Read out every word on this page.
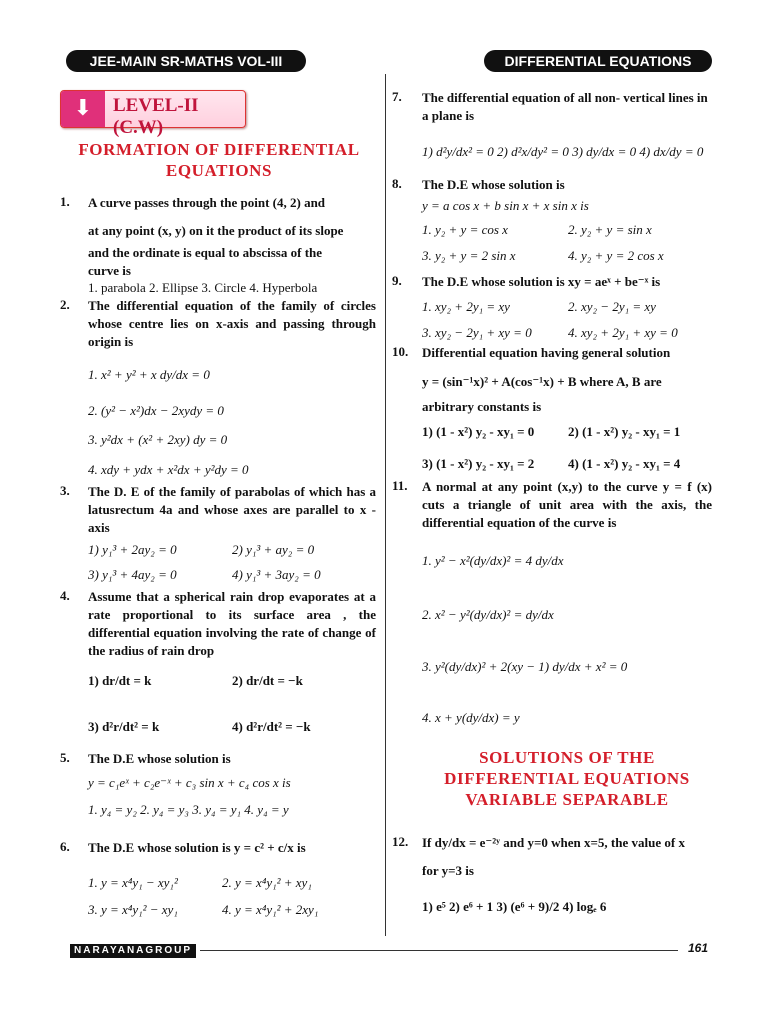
JEE-MAIN SR-MATHS VOL-III	DIFFERENTIAL EQUATIONS
⬇	LEVEL-II (C.W)
FORMATION OF DIFFERENTIAL
EQUATIONS
1. A curve passes through the point (4, 2) and
at any point (x, y) on it the product of its slope
and the ordinate is equal to abscissa of the
curve is
1. parabola 2. Ellipse 3. Circle 4. Hyperbola
2. The differential equation of the family of circles whose centre lies on x-axis and passing through origin is
1. x² + y² + x dy/dx = 0
2. (y² − x²)dx − 2xydy = 0
3. y²dx + (x² + 2xy) dy = 0
4. xdy + ydx + x²dx + y²dy = 0
3. The D. E of the family of parabolas of which has a latusrectum 4a and whose axes are parallel to x -axis
1) y₁³ + 2ay₂ = 0	2) y₁³ + ay₂ = 0
3) y₁³ + 4ay₂ = 0	4) y₁³ + 3ay₂ = 0
4. Assume that a spherical rain drop evaporates at a rate proportional to its surface area , the differential equation involving the rate of change of the radius of rain drop
1) dr/dt = k	2) dr/dt = −k
3) d²r/dt² = k	4) d²r/dt² = −k
5. The D.E whose solution is
y = c₁eˣ + c₂e⁻ˣ + c₃ sin x + c₄ cos x is
1. y₄ = y₂ 2. y₄ = y₃ 3. y₄ = y₁ 4. y₄ = y
6. The D.E whose solution is y = c² + c/x is
1. y = x⁴y₁ − xy₁²	2. y = x⁴y₁² + xy₁
3. y = x⁴y₁² − xy₁	4. y = x⁴y₁² + 2xy₁
7. The differential equation of all non- vertical lines in a plane is
1) d²y/dx² = 0 2) d²x/dy² = 0 3) dy/dx = 0 4) dx/dy = 0
8. The D.E whose solution is
y = a cos x + b sin x + x sin x is
1. y₂ + y = cos x	2. y₂ + y = sin x
3. y₂ + y = 2 sin x	4. y₂ + y = 2 cos x
9. The D.E whose solution is xy = aeˣ + be⁻ˣ is
1. xy₂ + 2y₁ = xy	2. xy₂ − 2y₁ = xy
3. xy₂ − 2y₁ + xy = 0	4. xy₂ + 2y₁ + xy = 0
10. Differential equation having general solution
y = (sin⁻¹x)² + A(cos⁻¹x) + B where A, B are
arbitrary constants is
1) (1 - x²) y₂ - xy₁ = 0	2) (1 - x²) y₂ - xy₁ = 1
3) (1 - x²) y₂ - xy₁ = 2	4) (1 - x²) y₂ - xy₁ = 4
11. A normal at any point (x,y) to the curve y = f (x) cuts a triangle of unit area with the axis, the differential equation of the curve is
1. y² − x²(dy/dx)² = 4 dy/dx
2. x² − y²(dy/dx)² = dy/dx
3. y²(dy/dx)² + 2(xy − 1) dy/dx + x² = 0
4. x + y(dy/dx) = y
SOLUTIONS OF THE
DIFFERENTIAL EQUATIONS
VARIABLE SEPARABLE
12. If dy/dx = e⁻²ʸ and y=0 when x=5, the value of x
for y=3 is
1) e⁵ 2) e⁶ + 1 3) (e⁶ + 9)/2 4) logₑ 6
NARAYANAGROUP	161
